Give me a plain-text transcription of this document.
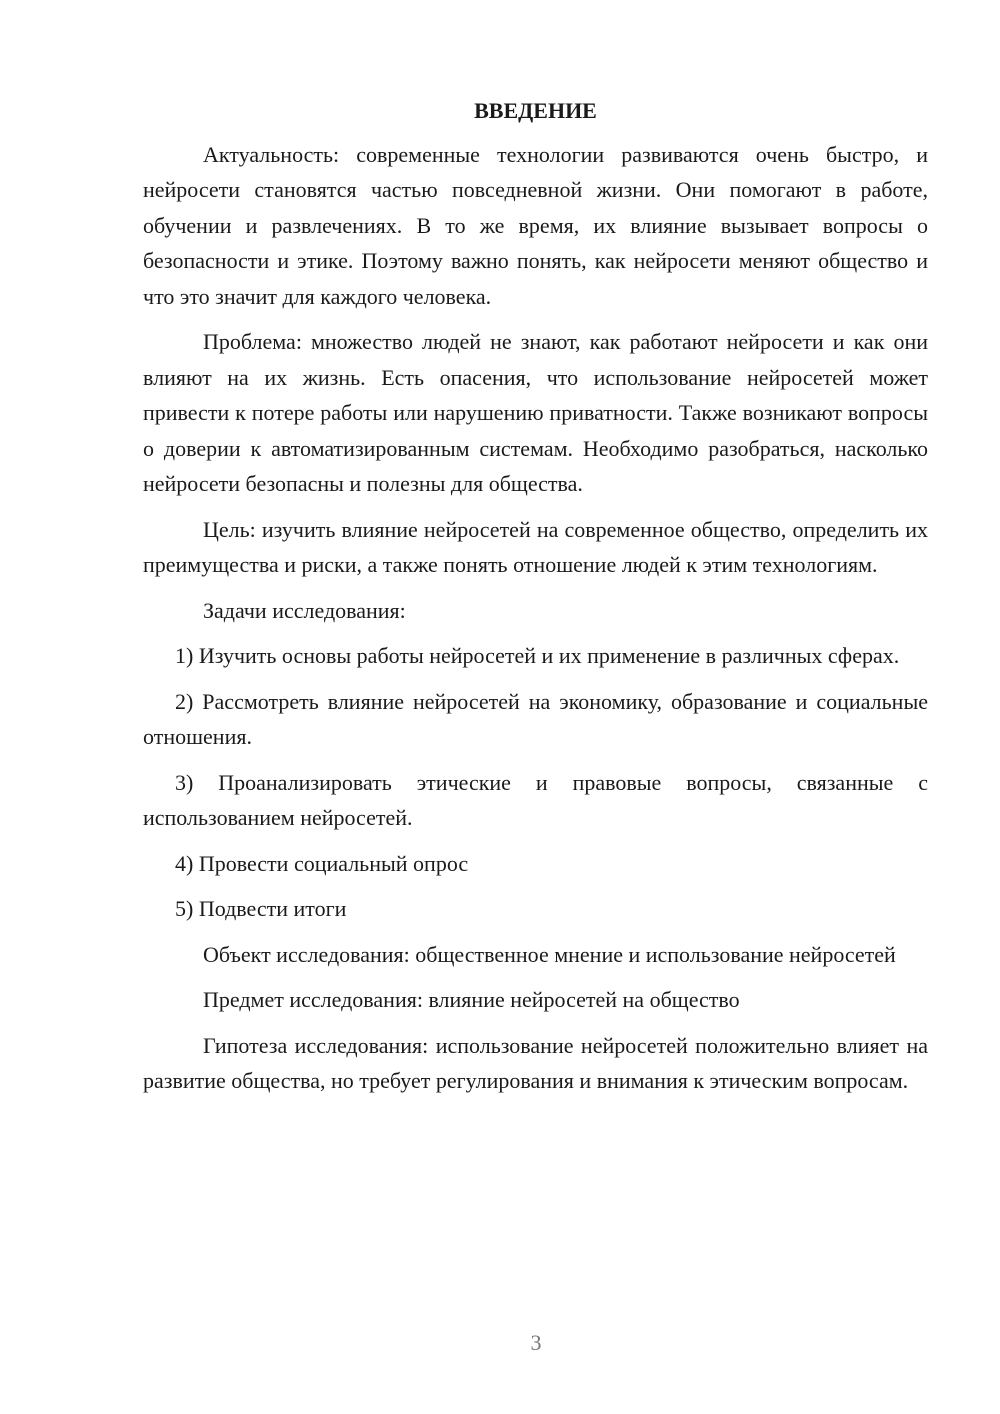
ВВЕДЕНИЕ

Актуальность: современные технологии развиваются очень быстро, и нейросети становятся частью повседневной жизни. Они помогают в работе, обучении и развлечениях. В то же время, их влияние вызывает вопросы о безопасности и этике. Поэтому важно понять, как нейросети меняют общество и что это значит для каждого человека.

Проблема: множество людей не знают, как работают нейросети и как они влияют на их жизнь. Есть опасения, что использование нейросетей может привести к потере работы или нарушению приватности. Также возникают вопросы о доверии к автоматизированным системам. Необходимо разобраться, насколько нейросети безопасны и полезны для общества.

Цель: изучить влияние нейросетей на современное общество, определить их преимущества и риски, а также понять отношение людей к этим технологиям.

Задачи исследования:

1) Изучить основы работы нейросетей и их применение в различных сферах.

2) Рассмотреть влияние нейросетей на экономику, образование и социальные отношения.

3) Проанализировать этические и правовые вопросы, связанные с использованием нейросетей.

4) Провести социальный опрос

5) Подвести итоги

Объект исследования: общественное мнение и использование нейросетей

Предмет исследования: влияние нейросетей на общество

Гипотеза исследования: использование нейросетей положительно влияет на развитие общества, но требует регулирования и внимания к этическим вопросам.

3
